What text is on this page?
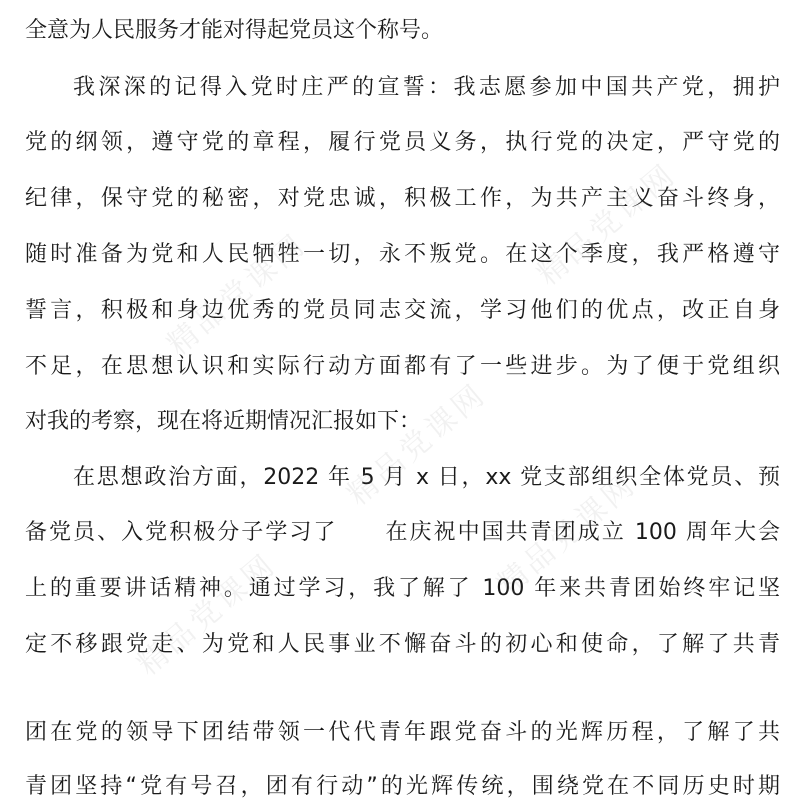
全意为人民服务才能对得起党员这个称号。
我深深的记得入党时庄严的宣誓：我志愿参加中国共产党，拥护
党的纲领，遵守党的章程，履行党员义务，执行党的决定，严守党的
纪律，保守党的秘密，对党忠诚，积极工作，为共产主义奋斗终身，
随时准备为党和人民牺牲一切，永不叛党。在这个季度，我严格遵守
誓言，积极和身边优秀的党员同志交流，学习他们的优点，改正自身
不足，在思想认识和实际行动方面都有了一些进步。为了便于党组织
对我的考察，现在将近期情况汇报如下：
在思想政治方面，2022 年 5 月 x 日，xx 党支部组织全体党员、预
备党员、入党积极分子学习了　　在庆祝中国共青团成立 100 周年大会
上的重要讲话精神。通过学习，我了解了 100 年来共青团始终牢记坚
定不移跟党走、为党和人民事业不懈奋斗的初心和使命，了解了共青
团在党的领导下团结带领一代代青年跟党奋斗的光辉历程，了解了共
青团坚持“党有号召，团有行动”的光辉传统，围绕党在不同历史时期
精品党课网
精品党课网
精品党课网
精品党课网
精品党课网
